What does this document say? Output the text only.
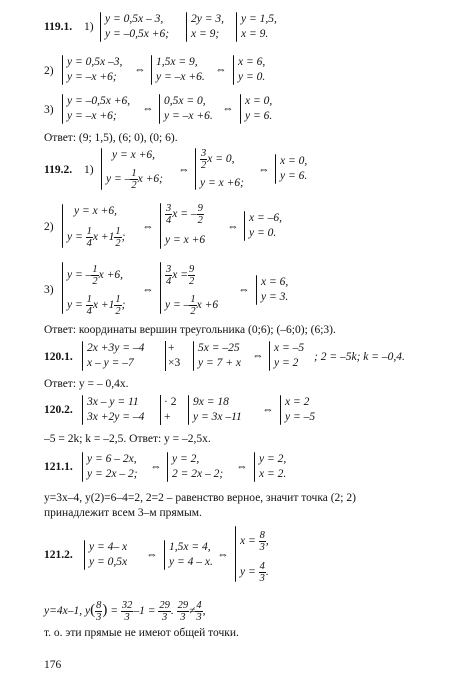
119.1. 1)
y = 0,5x – 3,
y = –0,5x +6;
2y = 3,
x = 9;
y = 1,5,
x = 9.
2)
y = 0,5x –3,
y = –x +6;
⇔
1,5x = 9,
y = –x +6.
⇔
x = 6,
y = 0.
3)
y = –0,5x +6,
y = –x +6;
⇔
0,5x = 0,
y = –x +6.
⇔
x = 0,
y = 6.
Ответ: (9; 1,5), (6; 0), (0; 6).
119.2. 1)
y = x +6,
y = – $\frac{1}{2}$ x +6;
⇔ $\frac{3}{2}$ x = 0,
y = x +6;
⇔
x = 0,
y = 6.
2)
y = x +6,
$y = \frac{1}{4}$ $x +1 \frac{1}{2}$ ;
⇔
$\frac{3}{4}$ x = – $\frac{9}{2}$
y = x +6
⇔
x = –6,
y = 0.
3)
y = – $\frac{1}{2}$ x +6,
$y = \frac{1}{4}$ $x +1 \frac{1}{2}$ ;
⇔
$\frac{3}{4}$ $x = \frac{9}{2}$
y = – $\frac{1}{2}$ x +6
⇔
x = 6,
y = 3.
Ответ: координаты вершин треугольника (0;6); (–6;0); (6;3).
120.1.
2x +3y = –4
x – y = –7
+
×3
5x = –25
y = 7 + x
⇔
x = –5
y = 2 ; 2 = –5k; k = –0,4.
Ответ: y = – 0,4x.
120.2.
3x – y = 11
3x +2y = –4
· 2
+
9x = 18
y = 3x –11
⇔
x = 2
y = –5
–5 = 2k; k = –2,5. Ответ: y = –2,5x.
121.1.
y = 6 – 2x,
y = 2x – 2;
⇔
y = 2,
2 = 2x – 2;
⇔
y = 2,
x = 2.
y=3x–4, y(2)=6–4=2, 2=2 – равенство верное, значит точка (2; 2)
принадлежит всем 3–м прямым.
121.2.
y = 4– x
y = 0,5x
⇔
1,5x = 4,
y = 4 – x.
⇔
$x = \frac{8}{3}$ ,
$y = \frac{4}{3}$ .
y=4x–1, $y( \frac{8}{3}$ ) = $\frac{32}{3} -1 = \frac{29}{3}$ . $\frac{29}{3} \ne \frac{4}{3}$ ,
т. о. эти прямые не имеют общей точки.
176
